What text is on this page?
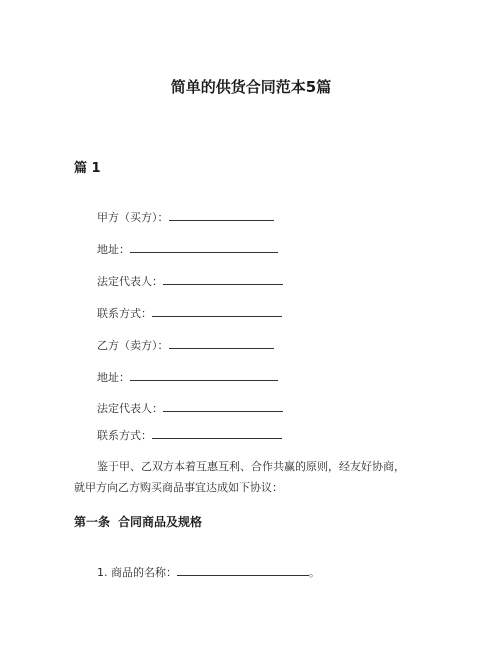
简单的供货合同范本5篇
篇 1
甲方（买方）：
地址：
法定代表人：
联系方式：
乙方（卖方）：
地址：
法定代表人：
联系方式：
鉴于甲、乙双方本着互惠互利、合作共赢的原则，经友好协商，
就甲方向乙方购买商品事宜达成如下协议：
第一条 合同商品及规格
1. 商品的名称：	。
